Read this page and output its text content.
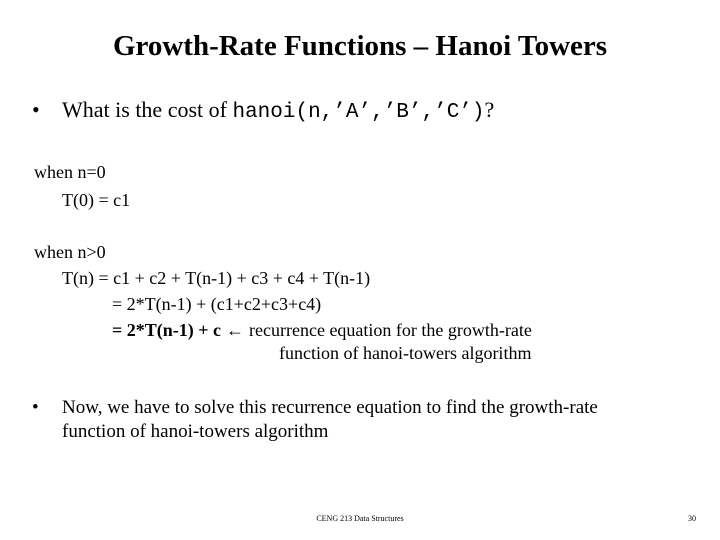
Growth-Rate Functions – Hanoi Towers
• What is the cost of hanoi(n,’A’,’B’,’C’)?
when n=0
T(0) = c1
when n>0
T(n) = c1 + c2 + T(n-1) + c3 + c4 + T(n-1)
= 2*T(n-1) + (c1+c2+c3+c4)
= 2*T(n-1) + c ← recurrence equation for the growth-rate
function of hanoi-towers algorithm
• Now, we have to solve this recurrence equation to find the growth-rate
function of hanoi-towers algorithm
CENG 213 Data Structures	30
